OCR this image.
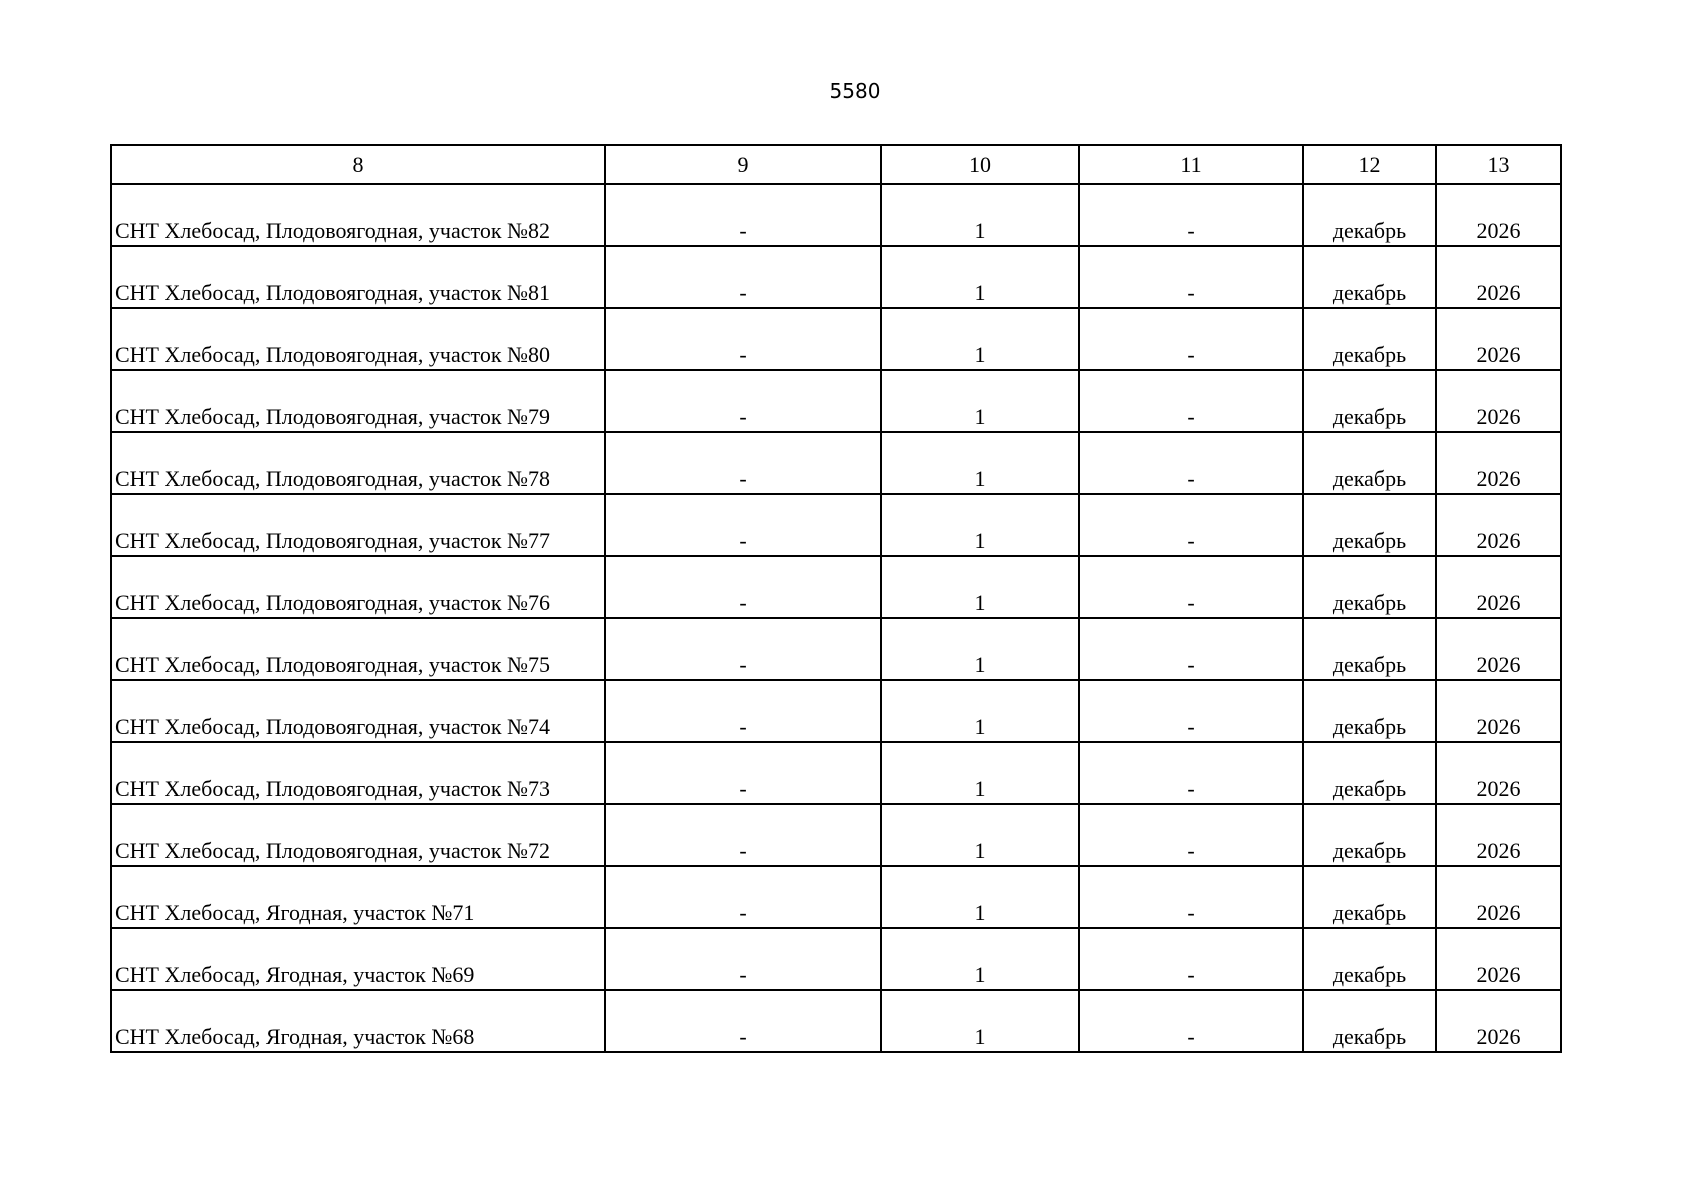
5580
8	9	10	11	12	13
СНТ Хлебосад, Плодовоягодная, участок №82	-	1	-	декабрь	2026
СНТ Хлебосад, Плодовоягодная, участок №81	-	1	-	декабрь	2026
СНТ Хлебосад, Плодовоягодная, участок №80	-	1	-	декабрь	2026
СНТ Хлебосад, Плодовоягодная, участок №79	-	1	-	декабрь	2026
СНТ Хлебосад, Плодовоягодная, участок №78	-	1	-	декабрь	2026
СНТ Хлебосад, Плодовоягодная, участок №77	-	1	-	декабрь	2026
СНТ Хлебосад, Плодовоягодная, участок №76	-	1	-	декабрь	2026
СНТ Хлебосад, Плодовоягодная, участок №75	-	1	-	декабрь	2026
СНТ Хлебосад, Плодовоягодная, участок №74	-	1	-	декабрь	2026
СНТ Хлебосад, Плодовоягодная, участок №73	-	1	-	декабрь	2026
СНТ Хлебосад, Плодовоягодная, участок №72	-	1	-	декабрь	2026
СНТ Хлебосад, Ягодная, участок №71	-	1	-	декабрь	2026
СНТ Хлебосад, Ягодная, участок №69	-	1	-	декабрь	2026
СНТ Хлебосад, Ягодная, участок №68	-	1	-	декабрь	2026
